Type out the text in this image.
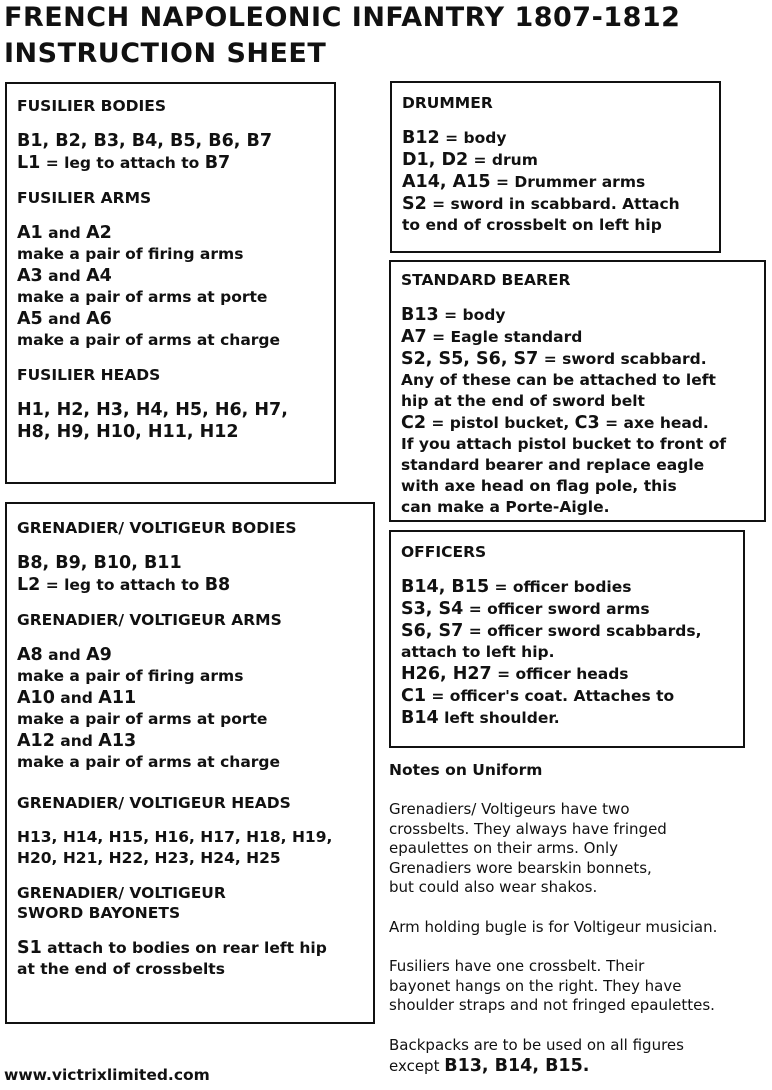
FRENCH NAPOLEONIC INFANTRY 1807-1812
INSTRUCTION SHEET

FUSILIER BODIES

B1, B2, B3, B4, B5, B6, B7

L1 = leg to attach to B7

FUSILIER ARMS

A1 and A2

make a pair of firing arms

A3 and A4

make a pair of arms at porte

A5 and A6

make a pair of arms at charge

FUSILIER HEADS

H1, H2, H3, H4, H5, H6, H7,

H8, H9, H10, H11, H12

GRENADIER/ VOLTIGEUR BODIES

B8, B9, B10, B11

L2 = leg to attach to B8

GRENADIER/ VOLTIGEUR ARMS

A8 and A9

make a pair of firing arms

A10 and A11

make a pair of arms at porte

A12 and A13

make a pair of arms at charge

GRENADIER/ VOLTIGEUR HEADS

H13, H14, H15, H16, H17, H18, H19,

H20, H21, H22, H23, H24, H25

GRENADIER/ VOLTIGEUR

SWORD BAYONETS

S1 attach to bodies on rear left hip

at the end of crossbelts

DRUMMER

B12 = body

D1, D2 = drum

A14, A15 = Drummer arms

S2 = sword in scabbard. Attach

to end of crossbelt on left hip

STANDARD BEARER

B13 = body

A7 = Eagle standard

S2, S5, S6, S7 = sword scabbard.

Any of these can be attached to left

hip at the end of sword belt

C2 = pistol bucket, C3 = axe head.

If you attach pistol bucket to front of

standard bearer and replace eagle

with axe head on flag pole, this

can make a Porte-Aigle.

OFFICERS

B14, B15 = officer bodies

S3, S4 = officer sword arms

S6, S7 = officer sword scabbards,

attach to left hip.

H26, H27 = officer heads

C1 = officer's coat. Attaches to

B14 left shoulder.

Notes on Uniform

Grenadiers/ Voltigeurs have two

crossbelts. They always have fringed

epaulettes on their arms. Only

Grenadiers wore bearskin bonnets,

but could also wear shakos.

Arm holding bugle is for Voltigeur musician.

Fusiliers have one crossbelt. Their

bayonet hangs on the right. They have

shoulder straps and not fringed epaulettes.

Backpacks are to be used on all figures

except B13, B14, B15.

www.victrixlimited.com
